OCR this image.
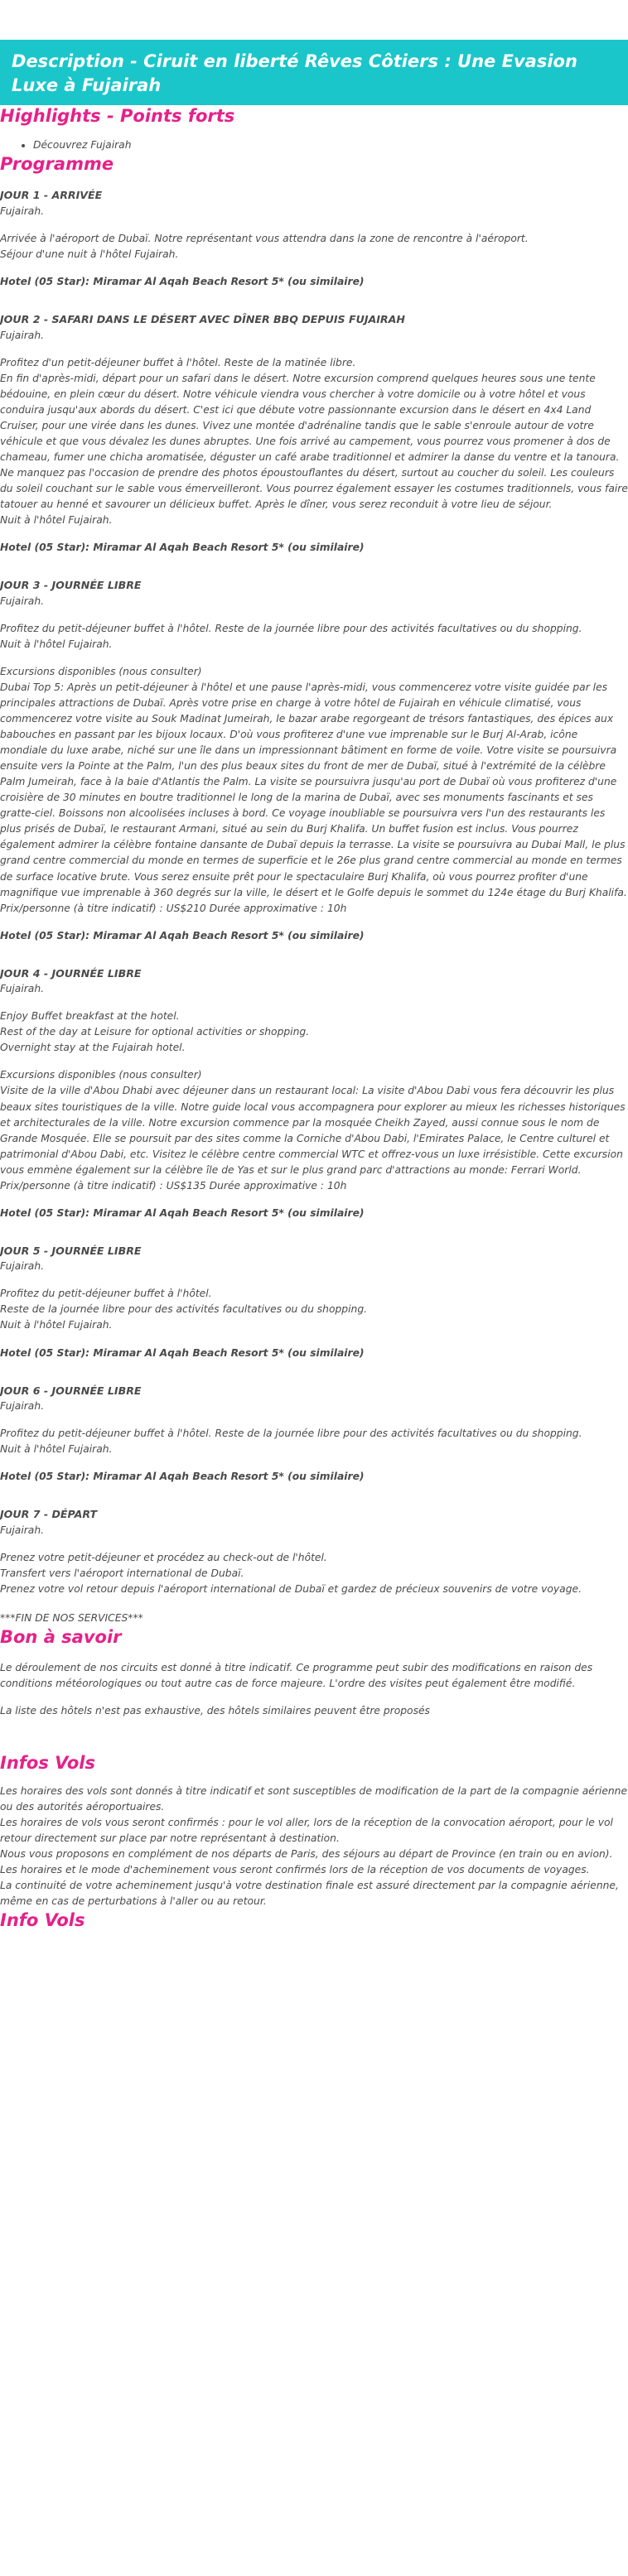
Description - Ciruit en liberté Rêves Côtiers : Une Evasion Luxe à Fujairah
Highlights - Points forts
• Découvrez Fujairah
Programme
JOUR 1 - ARRIVÉE
Fujairah.
Arrivée à l'aéroport de Dubaï. Notre représentant vous attendra dans la zone de rencontre à l'aéroport.
Séjour d'une nuit à l'hôtel Fujairah.
Hotel (05 Star): Miramar Al Aqah Beach Resort 5* (ou similaire)
JOUR 2 - SAFARI DANS LE DÉSERT AVEC DÎNER BBQ DEPUIS FUJAIRAH
Fujairah.
Profitez d'un petit-déjeuner buffet à l'hôtel. Reste de la matinée libre.
En fin d'après-midi, départ pour un safari dans le désert. Notre excursion comprend quelques heures sous une tente bédouine, en plein cœur du désert. Notre véhicule viendra vous chercher à votre domicile ou à votre hôtel et vous conduira jusqu'aux abords du désert. C'est ici que débute votre passionnante excursion dans le désert en 4x4 Land Cruiser, pour une virée dans les dunes. Vivez une montée d'adrénaline tandis que le sable s'enroule autour de votre véhicule et que vous dévalez les dunes abruptes. Une fois arrivé au campement, vous pourrez vous promener à dos de chameau, fumer une chicha aromatisée, déguster un café arabe traditionnel et admirer la danse du ventre et la tanoura. Ne manquez pas l'occasion de prendre des photos époustouflantes du désert, surtout au coucher du soleil. Les couleurs du soleil couchant sur le sable vous émerveilleront. Vous pourrez également essayer les costumes traditionnels, vous faire tatouer au henné et savourer un délicieux buffet. Après le dîner, vous serez reconduit à votre lieu de séjour.
Nuit à l'hôtel Fujairah.
Hotel (05 Star): Miramar Al Aqah Beach Resort 5* (ou similaire)
JOUR 3 - JOURNÉE LIBRE
Fujairah.
Profitez du petit-déjeuner buffet à l'hôtel. Reste de la journée libre pour des activités facultatives ou du shopping.
Nuit à l'hôtel Fujairah.
Excursions disponibles (nous consulter)
Dubai Top 5: Après un petit-déjeuner à l'hôtel et une pause l'après-midi, vous commencerez votre visite guidée par les principales attractions de Dubaï. Après votre prise en charge à votre hôtel de Fujairah en véhicule climatisé, vous commencerez votre visite au Souk Madinat Jumeirah, le bazar arabe regorgeant de trésors fantastiques, des épices aux babouches en passant par les bijoux locaux. D'où vous profiterez d'une vue imprenable sur le Burj Al-Arab, icône mondiale du luxe arabe, niché sur une île dans un impressionnant bâtiment en forme de voile. Votre visite se poursuivra ensuite vers la Pointe at the Palm, l'un des plus beaux sites du front de mer de Dubaï, situé à l'extrémité de la célèbre Palm Jumeirah, face à la baie d'Atlantis the Palm. La visite se poursuivra jusqu'au port de Dubaï où vous profiterez d'une croisière de 30 minutes en boutre traditionnel le long de la marina de Dubaï, avec ses monuments fascinants et ses gratte-ciel. Boissons non alcoolisées incluses à bord. Ce voyage inoubliable se poursuivra vers l'un des restaurants les plus prisés de Dubaï, le restaurant Armani, situé au sein du Burj Khalifa. Un buffet fusion est inclus. Vous pourrez également admirer la célèbre fontaine dansante de Dubaï depuis la terrasse. La visite se poursuivra au Dubai Mall, le plus grand centre commercial du monde en termes de superficie et le 26e plus grand centre commercial au monde en termes de surface locative brute. Vous serez ensuite prêt pour le spectaculaire Burj Khalifa, où vous pourrez profiter d'une magnifique vue imprenable à 360 degrés sur la ville, le désert et le Golfe depuis le sommet du 124e étage du Burj Khalifa.
Prix/personne (à titre indicatif) : US$210 Durée approximative : 10h
Hotel (05 Star): Miramar Al Aqah Beach Resort 5* (ou similaire)
JOUR 4 - JOURNÉE LIBRE
Fujairah.
Enjoy Buffet breakfast at the hotel.
Rest of the day at Leisure for optional activities or shopping.
Overnight stay at the Fujairah hotel.
Excursions disponibles (nous consulter)
Visite de la ville d'Abou Dhabi avec déjeuner dans un restaurant local: La visite d'Abou Dabi vous fera découvrir les plus beaux sites touristiques de la ville. Notre guide local vous accompagnera pour explorer au mieux les richesses historiques et architecturales de la ville. Notre excursion commence par la mosquée Cheikh Zayed, aussi connue sous le nom de Grande Mosquée. Elle se poursuit par des sites comme la Corniche d'Abou Dabi, l'Emirates Palace, le Centre culturel et patrimonial d'Abou Dabi, etc. Visitez le célèbre centre commercial WTC et offrez-vous un luxe irrésistible. Cette excursion vous emmène également sur la célèbre île de Yas et sur le plus grand parc d'attractions au monde: Ferrari World.
Prix/personne (à titre indicatif) : US$135 Durée approximative : 10h
Hotel (05 Star): Miramar Al Aqah Beach Resort 5* (ou similaire)
JOUR 5 - JOURNÉE LIBRE
Fujairah.
Profitez du petit-déjeuner buffet à l'hôtel.
Reste de la journée libre pour des activités facultatives ou du shopping.
Nuit à l'hôtel Fujairah.
Hotel (05 Star): Miramar Al Aqah Beach Resort 5* (ou similaire)
JOUR 6 - JOURNÉE LIBRE
Fujairah.
Profitez du petit-déjeuner buffet à l'hôtel. Reste de la journée libre pour des activités facultatives ou du shopping.
Nuit à l'hôtel Fujairah.
Hotel (05 Star): Miramar Al Aqah Beach Resort 5* (ou similaire)
JOUR 7 - DÉPART
Fujairah.
Prenez votre petit-déjeuner et procédez au check-out de l'hôtel.
Transfert vers l'aéroport international de Dubaï.
Prenez votre vol retour depuis l'aéroport international de Dubaï et gardez de précieux souvenirs de votre voyage.
***FIN DE NOS SERVICES***
Bon à savoir
Le déroulement de nos circuits est donné à titre indicatif. Ce programme peut subir des modifications en raison des conditions météorologiques ou tout autre cas de force majeure. L'ordre des visites peut également être modifié.
La liste des hôtels n'est pas exhaustive, des hôtels similaires peuvent être proposés
Infos Vols
Les horaires des vols sont donnés à titre indicatif et sont susceptibles de modification de la part de la compagnie aérienne ou des autorités aéroportuaires.
Les horaires de vols vous seront confirmés : pour le vol aller, lors de la réception de la convocation aéroport, pour le vol retour directement sur place par notre représentant à destination.
Nous vous proposons en complément de nos départs de Paris, des séjours au départ de Province (en train ou en avion).
Les horaires et le mode d'acheminement vous seront confirmés lors de la réception de vos documents de voyages.
La continuité de votre acheminement jusqu'à votre destination finale est assuré directement par la compagnie aérienne, même en cas de perturbations à l'aller ou au retour.
Info Vols
